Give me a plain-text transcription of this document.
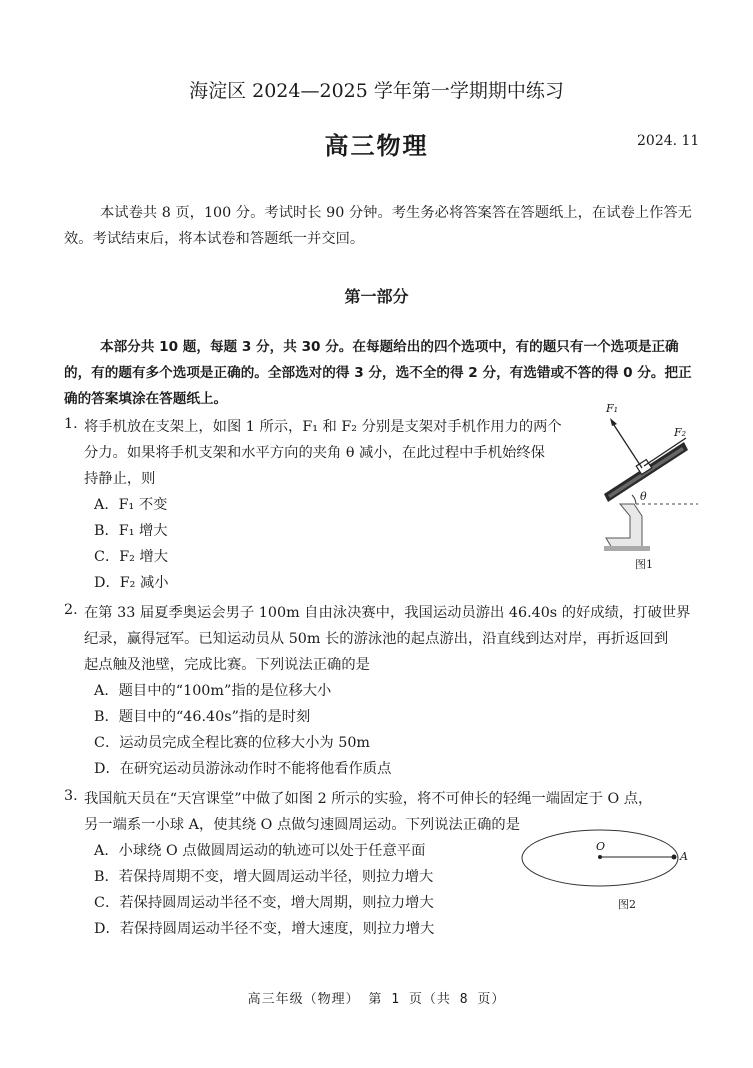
海淀区 2024—2025 学年第一学期期中练习
高三物理	2024. 11
本试卷共 8 页，100 分。考试时长 90 分钟。考生务必将答案答在答题纸上，在试卷上作答无效。考试结束后，将本试卷和答题纸一并交回。
第一部分
本部分共 10 题，每题 3 分，共 30 分。在每题给出的四个选项中，有的题只有一个选项是正确的，有的题有多个选项是正确的。全部选对的得 3 分，选不全的得 2 分，有选错或不答的得 0 分。把正确的答案填涂在答题纸上。
1. 将手机放在支架上，如图 1 所示，F₁ 和 F₂ 分别是支架对手机作用力的两个
分力。如果将手机支架和水平方向的夹角 θ 减小，在此过程中手机始终保
持静止，则
A．F₁ 不变
B．F₁ 增大
C．F₂ 增大
D．F₂ 减小
F₁
F₂
θ
图1
2. 在第 33 届夏季奥运会男子 100m 自由泳决赛中，我国运动员游出 46.40s 的好成绩，打破世界
纪录，赢得冠军。已知运动员从 50m 长的游泳池的起点游出，沿直线到达对岸，再折返回到
起点触及池壁，完成比赛。下列说法正确的是
A．题目中的“100m”指的是位移大小
B．题目中的“46.40s”指的是时刻
C．运动员完成全程比赛的位移大小为 50m
D．在研究运动员游泳动作时不能将他看作质点
3. 我国航天员在“天宫课堂”中做了如图 2 所示的实验，将不可伸长的轻绳一端固定于 O 点，
另一端系一小球 A，使其绕 O 点做匀速圆周运动。下列说法正确的是
A．小球绕 O 点做圆周运动的轨迹可以处于任意平面
B．若保持周期不变，增大圆周运动半径，则拉力增大
C．若保持圆周运动半径不变，增大周期，则拉力增大
D．若保持圆周运动半径不变，增大速度，则拉力增大
O
A
图2
高三年级（物理） 第 1 页（共 8 页）
